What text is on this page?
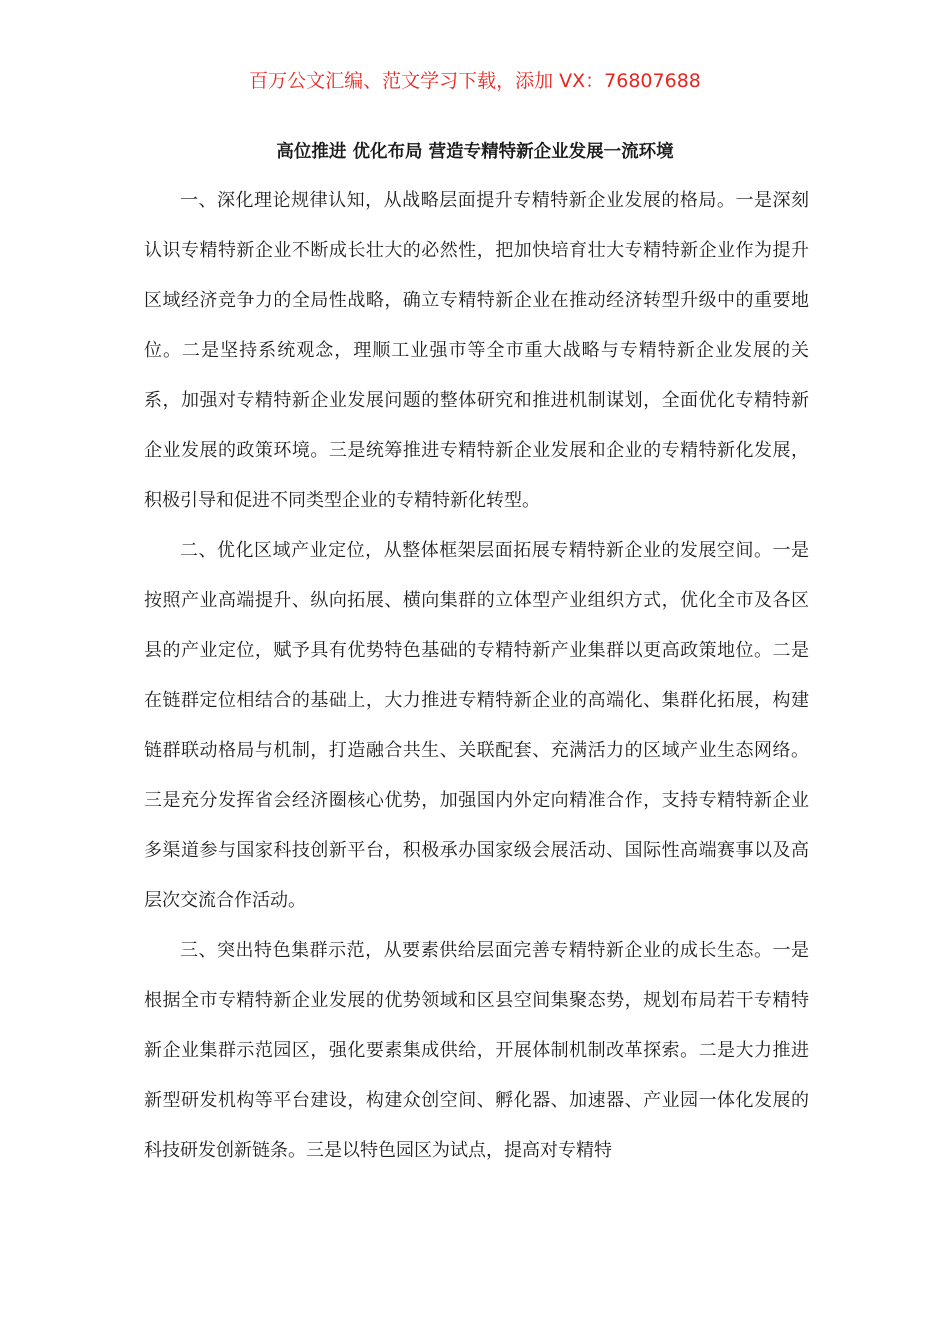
百万公文汇编、范文学习下载，添加 VX：76807688
高位推进 优化布局 营造专精特新企业发展一流环境

一、深化理论规律认知，从战略层面提升专精特新企业发展的格局。一是深刻认识专精特新企业不断成长壮大的必然性，把加快培育壮大专精特新企业作为提升区域经济竞争力的全局性战略，确立专精特新企业在推动经济转型升级中的重要地位。二是坚持系统观念，理顺工业强市等全市重大战略与专精特新企业发展的关系，加强对专精特新企业发展问题的整体研究和推进机制谋划，全面优化专精特新企业发展的政策环境。三是统筹推进专精特新企业发展和企业的专精特新化发展，积极引导和促进不同类型企业的专精特新化转型。

二、优化区域产业定位，从整体框架层面拓展专精特新企业的发展空间。一是按照产业高端提升、纵向拓展、横向集群的立体型产业组织方式，优化全市及各区县的产业定位，赋予具有优势特色基础的专精特新产业集群以更高政策地位。二是在链群定位相结合的基础上，大力推进专精特新企业的高端化、集群化拓展，构建链群联动格局与机制，打造融合共生、关联配套、充满活力的区域产业生态网络。三是充分发挥省会经济圈核心优势，加强国内外定向精准合作，支持专精特新企业多渠道参与国家科技创新平台，积极承办国家级会展活动、国际性高端赛事以及高层次交流合作活动。

三、突出特色集群示范，从要素供给层面完善专精特新企业的成长生态。一是根据全市专精特新企业发展的优势领域和区县空间集聚态势，规划布局若干专精特新企业集群示范园区，强化要素集成供给，开展体制机制改革探索。二是大力推进新型研发机构等平台建设，构建众创空间、孵化器、加速器、产业园一体化发展的科技研发创新链条。三是以特色园区为试点，提高对专精特
